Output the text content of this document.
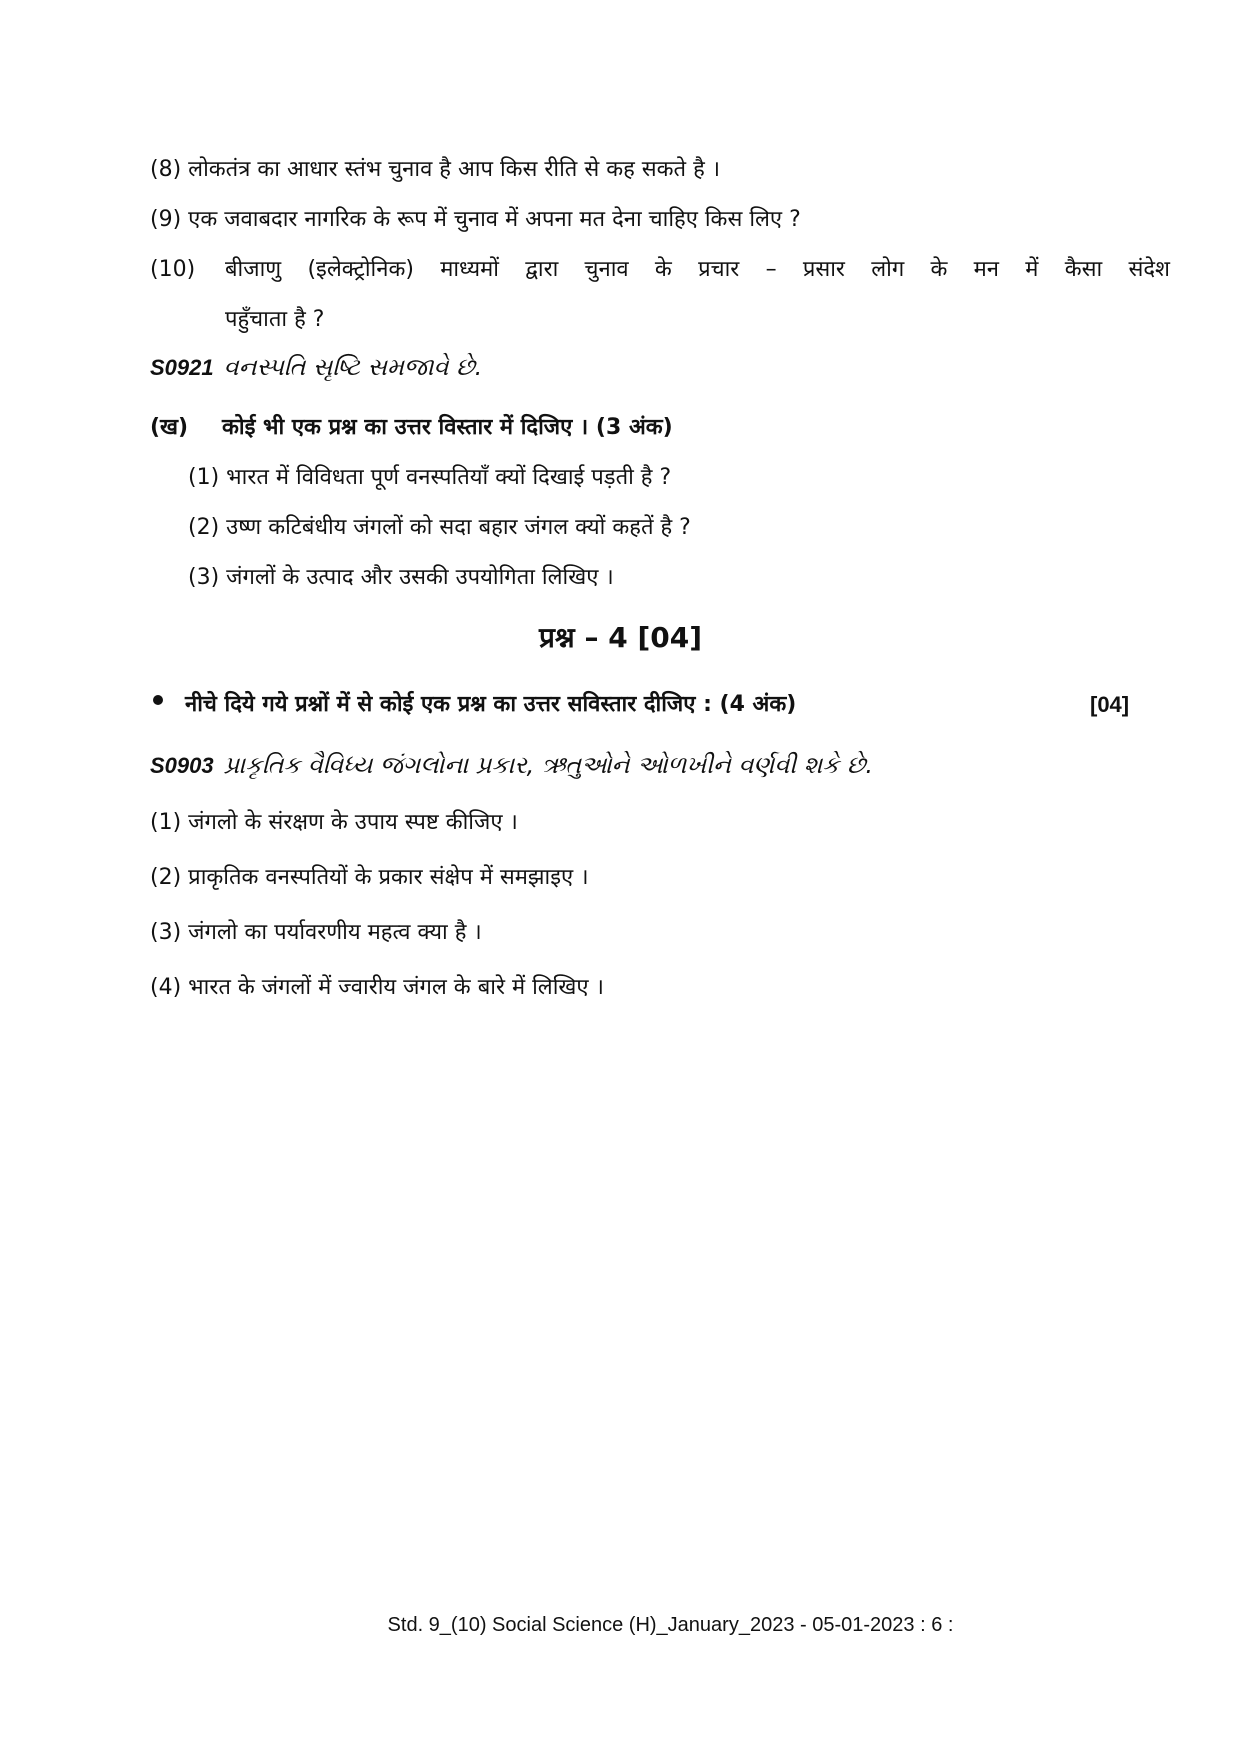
(8) लोकतंत्र का आधार स्तंभ चुनाव है आप किस रीति से कह सकते है ।
(9) एक जवाबदार नागरिक के रूप में चुनाव में अपना मत देना चाहिए किस लिए ?
(10) बीजाणु (इलेक्ट्रोनिक) माध्यमों द्वारा चुनाव के प्रचार – प्रसार लोग के मन में कैसा संदेश
पहुँचाता है ?
S0921 વનસ્પતિ સૃષ્ટિ સમજાવે છે.
(ख) कोई भी एक प्रश्न का उत्तर विस्तार में दिजिए । (3 अंक)
(1) भारत में विविधता पूर्ण वनस्पतियाँ क्यों दिखाई पड़ती है ?
(2) उष्ण कटिबंधीय जंगलों को सदा बहार जंगल क्यों कहतें है ?
(3) जंगलों के उत्पाद और उसकी उपयोगिता लिखिए ।
प्रश्न – 4 [04]
नीचे दिये गये प्रश्नों में से कोई एक प्रश्न का उत्तर सविस्तार दीजिए : (4 अंक)	[04]
S0903 પ્રાકૃતિક વૈવિધ્ય જંગલોના પ્રકાર, ઋતુઓને ઓળખીને વર્ણવી શકે છે.
(1) जंगलो के संरक्षण के उपाय स्पष्ट कीजिए ।
(2) प्राकृतिक वनस्पतियों के प्रकार संक्षेप में समझाइए ।
(3) जंगलो का पर्यावरणीय महत्व क्या है ।
(4) भारत के जंगलों में ज्वारीय जंगल के बारे में लिखिए ।
Std. 9_(10) Social Science (H)_January_2023 - 05-01-2023 : 6 :
